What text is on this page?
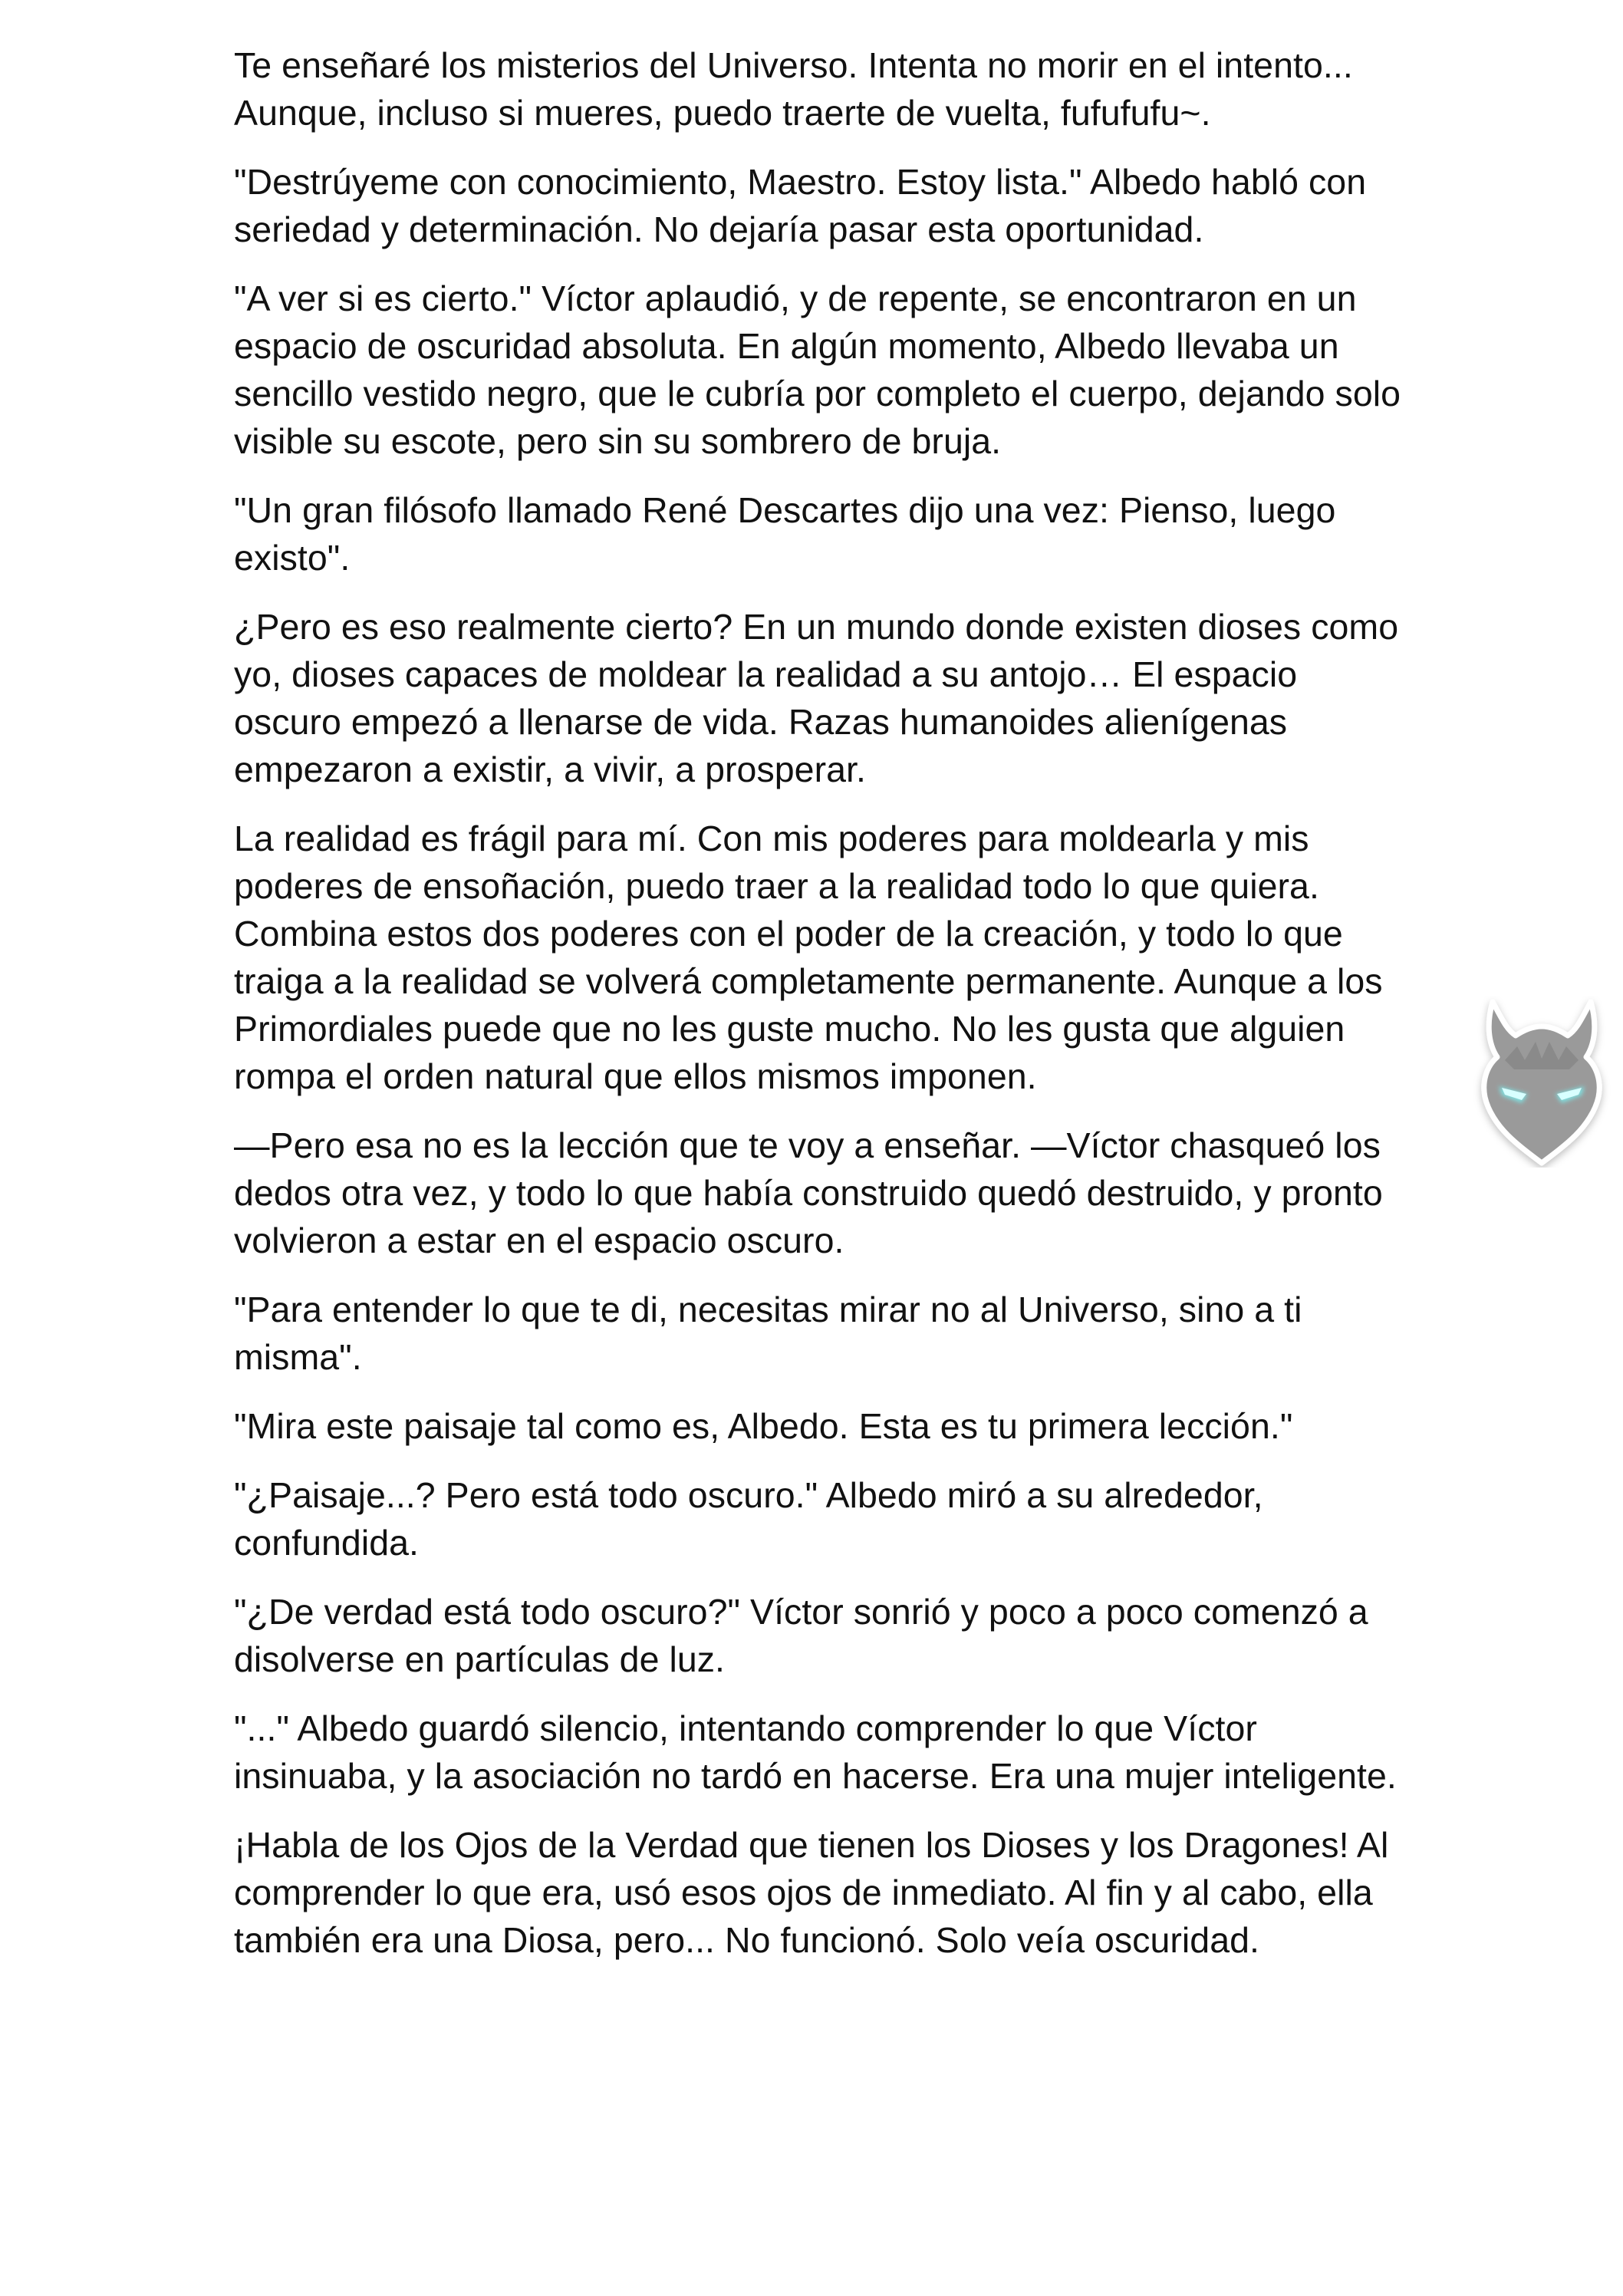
Te enseñaré los misterios del Universo. Intenta no morir en el intento... Aunque, incluso si mueres, puedo traerte de vuelta, fufufufu~.

"Destrúyeme con conocimiento, Maestro. Estoy lista." Albedo habló con seriedad y determinación. No dejaría pasar esta oportunidad.

"A ver si es cierto." Víctor aplaudió, y de repente, se encontraron en un espacio de oscuridad absoluta. En algún momento, Albedo llevaba un sencillo vestido negro, que le cubría por completo el cuerpo, dejando solo visible su escote, pero sin su sombrero de bruja.

"Un gran filósofo llamado René Descartes dijo una vez: Pienso, luego existo".

¿Pero es eso realmente cierto? En un mundo donde existen dioses como yo, dioses capaces de moldear la realidad a su antojo… El espacio oscuro empezó a llenarse de vida. Razas humanoides alienígenas empezaron a existir, a vivir, a prosperar.

La realidad es frágil para mí. Con mis poderes para moldearla y mis poderes de ensoñación, puedo traer a la realidad todo lo que quiera. Combina estos dos poderes con el poder de la creación, y todo lo que traiga a la realidad se volverá completamente permanente. Aunque a los Primordiales puede que no les guste mucho. No les gusta que alguien rompa el orden natural que ellos mismos imponen.

—Pero esa no es la lección que te voy a enseñar. —Víctor chasqueó los dedos otra vez, y todo lo que había construido quedó destruido, y pronto volvieron a estar en el espacio oscuro.

"Para entender lo que te di, necesitas mirar no al Universo, sino a ti misma".

"Mira este paisaje tal como es, Albedo. Esta es tu primera lección."

"¿Paisaje...? Pero está todo oscuro." Albedo miró a su alrededor, confundida.

"¿De verdad está todo oscuro?" Víctor sonrió y poco a poco comenzó a disolverse en partículas de luz.

"..." Albedo guardó silencio, intentando comprender lo que Víctor insinuaba, y la asociación no tardó en hacerse. Era una mujer inteligente.

¡Habla de los Ojos de la Verdad que tienen los Dioses y los Dragones! Al comprender lo que era, usó esos ojos de inmediato. Al fin y al cabo, ella también era una Diosa, pero... No funcionó. Solo veía oscuridad.
